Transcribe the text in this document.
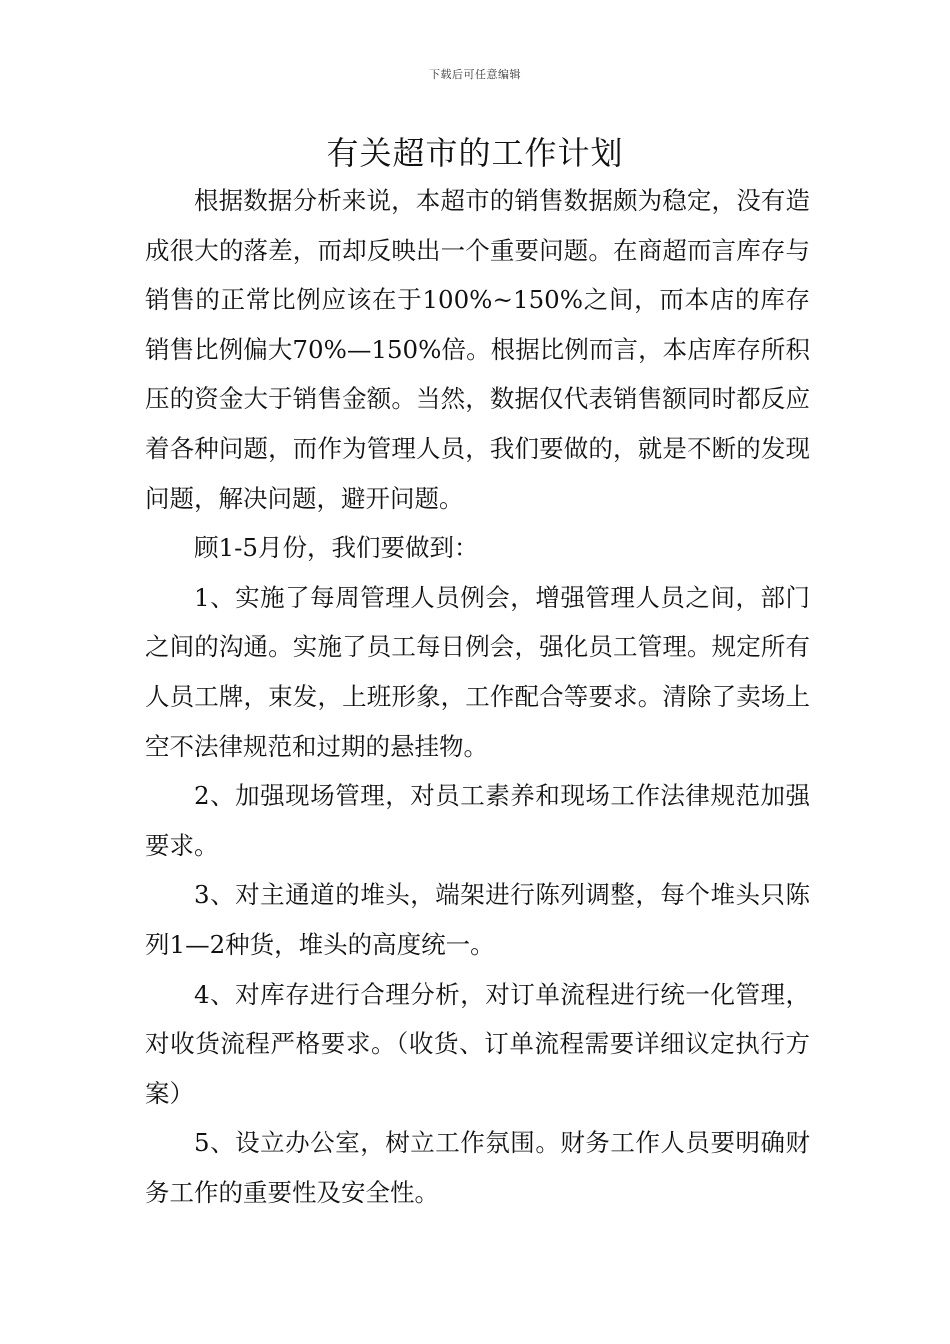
下载后可任意编辑
有关超市的工作计划

根据数据分析来说，本超市的销售数据颇为稳定，没有造成很大的落差，而却反映出一个重要问题。在商超而言库存与销售的正常比例应该在于100%~150%之间，而本店的库存销售比例偏大70%—150%倍。根据比例而言，本店库存所积压的资金大于销售金额。当然，数据仅代表销售额同时都反应着各种问题，而作为管理人员，我们要做的，就是不断的发现问题，解决问题，避开问题。

顾1-5月份，我们要做到：

1、实施了每周管理人员例会，增强管理人员之间，部门之间的沟通。实施了员工每日例会，强化员工管理。规定所有人员工牌，束发，上班形象，工作配合等要求。清除了卖场上空不法律规范和过期的悬挂物。

2、加强现场管理，对员工素养和现场工作法律规范加强要求。

3、对主通道的堆头，端架进行陈列调整，每个堆头只陈列1—2种货，堆头的高度统一。

4、对库存进行合理分析，对订单流程进行统一化管理，对收货流程严格要求。（收货、订单流程需要详细议定执行方案）

5、设立办公室，树立工作氛围。财务工作人员要明确财务工作的重要性及安全性。
